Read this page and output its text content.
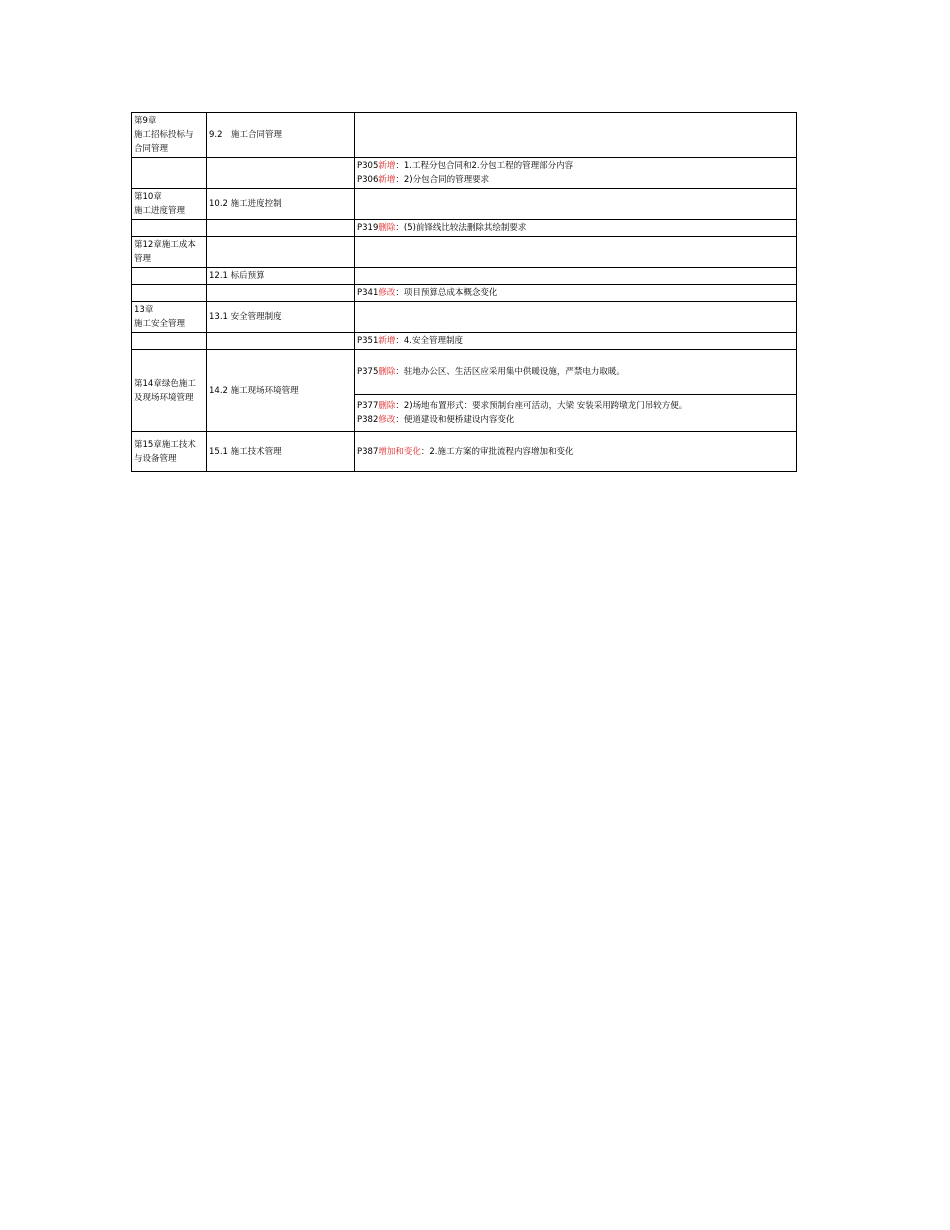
第9章
施工招标投标与
合同管理	9.2　施工合同管理	

		P305新增：1.工程分包合同和2.分包工程的管理部分内容
P306新增：2)分包合同的管理要求

第10章
施工进度管理	10.2 施工进度控制	

		P319删除：(5)前锋线比较法删除其绘制要求

第12章施工成本
管理		

	12.1 标后预算	

		P341修改：项目预算总成本概念变化

13章
施工安全管理	13.1 安全管理制度	

		P351新增：4.安全管理制度

第14章绿色施工
及现场环境管理	14.2 施工现场环境管理	P375删除：驻地办公区、生活区应采用集中供暖设施，严禁电力取暖。

		P377删除：2)场地布置形式：要求预制台座可活动，大梁 安装采用跨墩龙门吊较方便。
P382修改：便道建设和便桥建设内容变化

第15章施工技术
与设备管理	15.1 施工技术管理	P387增加和变化：2.施工方案的审批流程内容增加和变化
